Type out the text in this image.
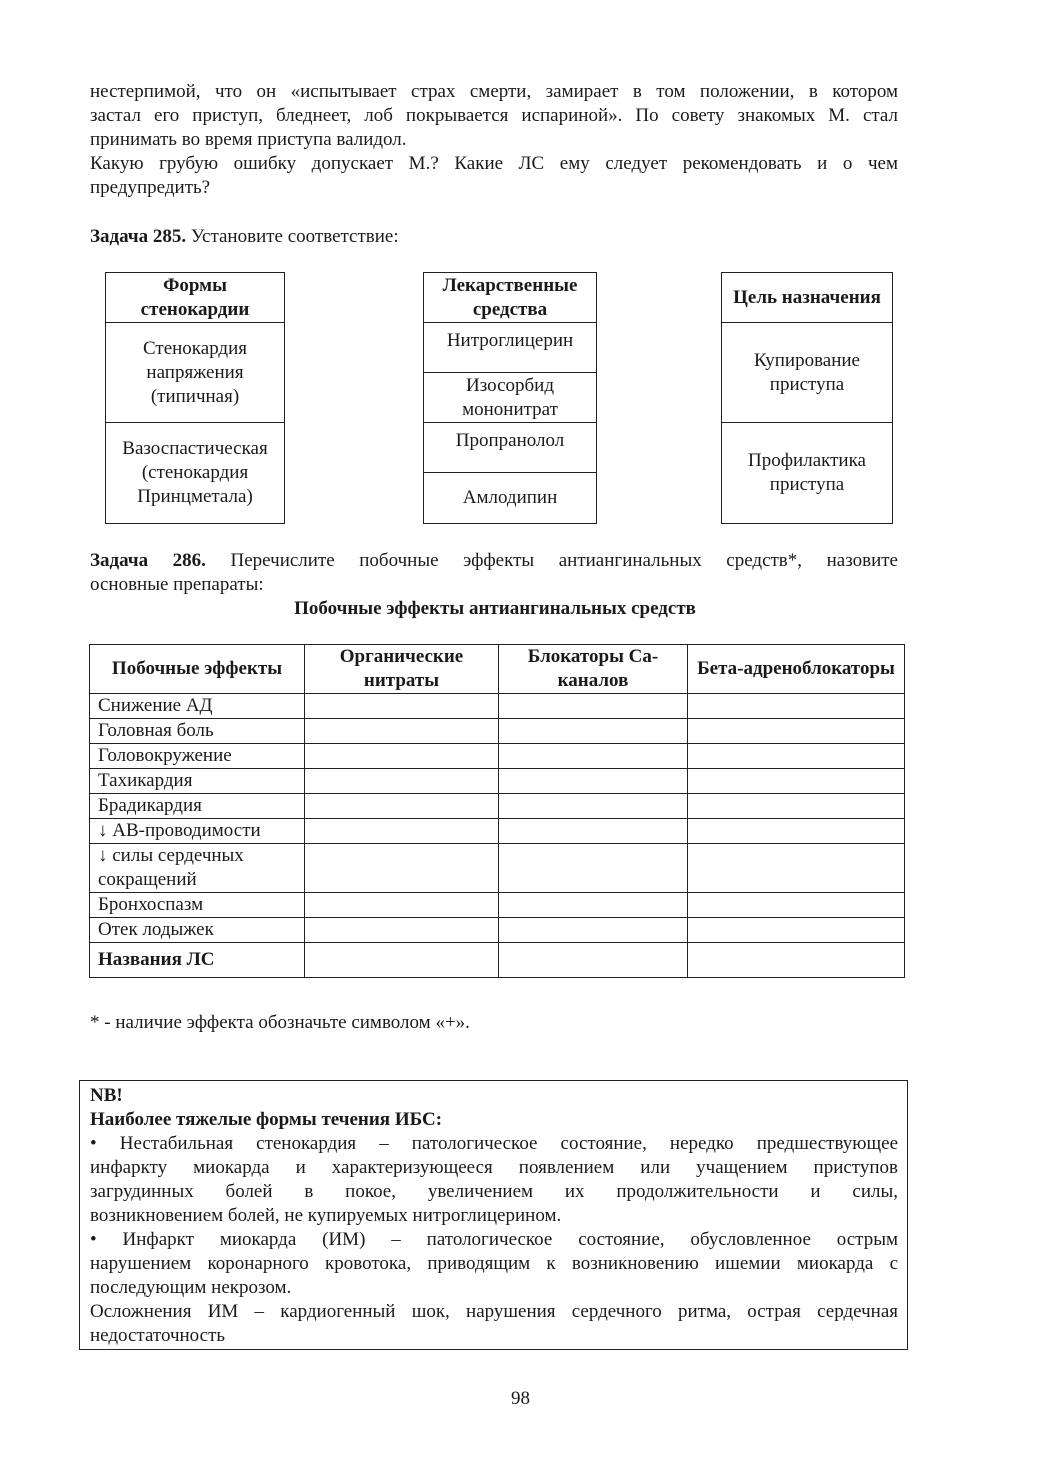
нестерпимой, что он «испытывает страх смерти, замирает в том положении, в котором
застал его приступ, бледнеет, лоб покрывается испариной». По совету знакомых М. стал
принимать во время приступа валидол.
Какую грубую ошибку допускает М.? Какие ЛС ему следует рекомендовать и о чем
предупредить?
Задача 285. Установите соответствие:
Формы стенокардии
Стенокардия напряжения (типичная)
Вазоспастическая (стенокардия Принцметала)
Лекарственные средства
Нитроглицерин
Изосорбид мононитрат
Пропранолол
Амлодипин
Цель назначения
Купирование приступа
Профилактика приступа
Задача 286. Перечислите побочные эффекты антиангинальных средств*, назовите
основные препараты:
Побочные эффекты антиангинальных средств
Побочные эффекты	Органические нитраты	Блокаторы Са-каналов	Бета-адреноблокаторы
Снижение АД			
Головная боль			
Головокружение			
Тахикардия			
Брадикардия			
↓ АВ-проводимости			
↓ силы сердечных сокращений			
Бронхоспазм			
Отек лодыжек			
Названия ЛС			
* - наличие эффекта обозначьте символом «+».
NB!
Наиболее тяжелые формы течения ИБС:
• Нестабильная стенокардия – патологическое состояние, нередко предшествующее
инфаркту миокарда и характеризующееся появлением или учащением приступов
загрудинных болей в покое, увеличением их продолжительности и силы,
возникновением болей, не купируемых нитроглицерином.
• Инфаркт миокарда (ИМ) – патологическое состояние, обусловленное острым
нарушением коронарного кровотока, приводящим к возникновению ишемии миокарда с
последующим некрозом.
Осложнения ИМ – кардиогенный шок, нарушения сердечного ритма, острая сердечная
недостаточность
98
